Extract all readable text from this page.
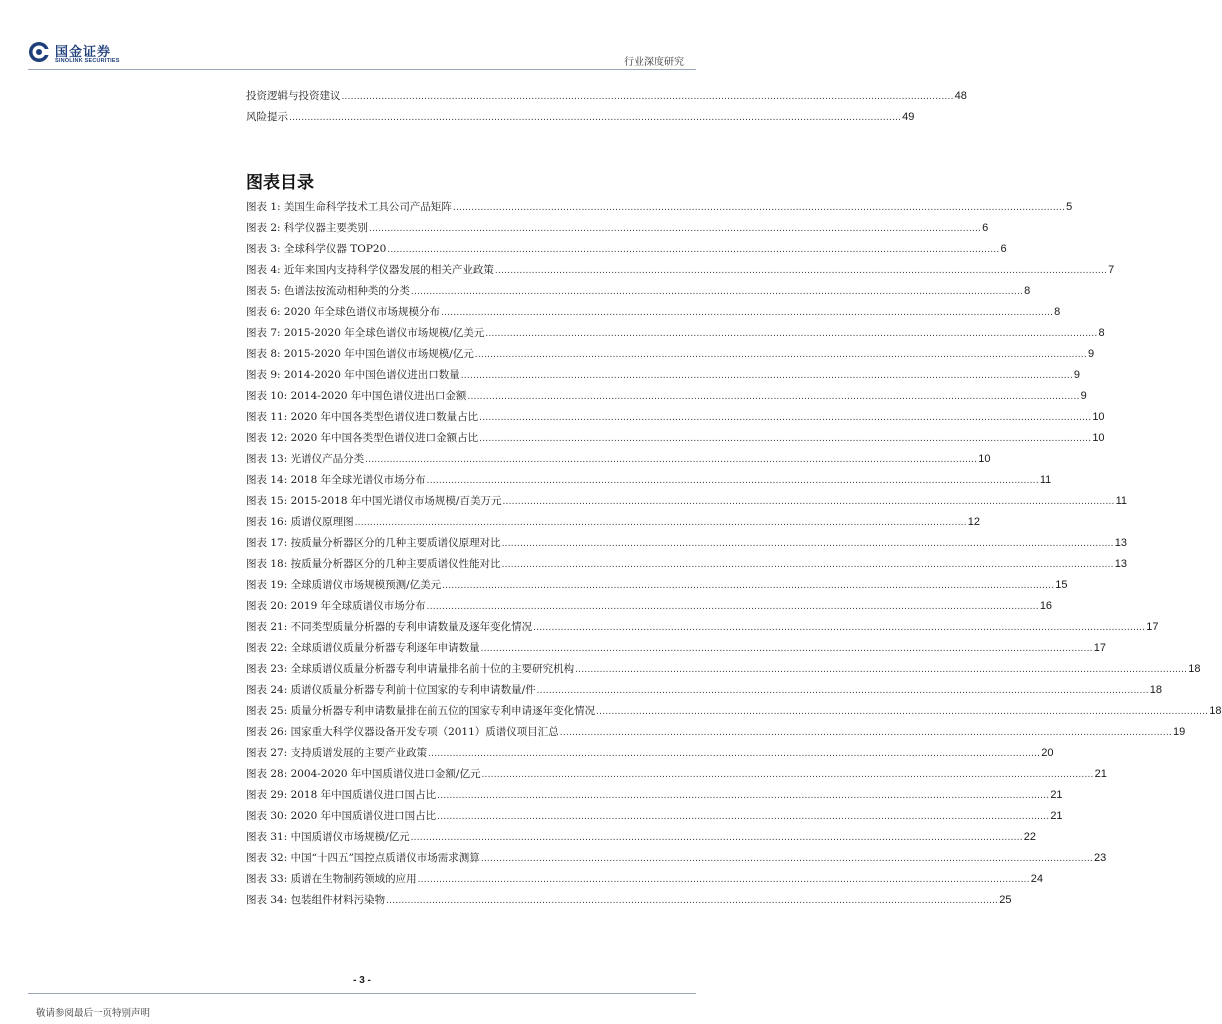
国金证券
SINOLINK SECURITIES	行业深度研究
投资逻辑与投资建议 ........................................................................................................................................................................................................ 48
风险提示 ........................................................................................................................................................................................................ 49
图表目录
图表 1: 美国生命科学技术工具公司产品矩阵 ........................................................................................................................................................................................................ 5
图表 2: 科学仪器主要类别 ........................................................................................................................................................................................................ 6
图表 3: 全球科学仪器 TOP20 ........................................................................................................................................................................................................ 6
图表 4: 近年来国内支持科学仪器发展的相关产业政策 ........................................................................................................................................................................................................ 7
图表 5: 色谱法按流动相种类的分类 ........................................................................................................................................................................................................ 8
图表 6: 2020 年全球色谱仪市场规模分布 ........................................................................................................................................................................................................ 8
图表 7: 2015-2020 年全球色谱仪市场规模/亿美元 ........................................................................................................................................................................................................ 8
图表 8: 2015-2020 年中国色谱仪市场规模/亿元 ........................................................................................................................................................................................................ 9
图表 9: 2014-2020 年中国色谱仪进出口数量 ........................................................................................................................................................................................................ 9
图表 10: 2014-2020 年中国色谱仪进出口金额 ........................................................................................................................................................................................................ 9
图表 11: 2020 年中国各类型色谱仪进口数量占比 ........................................................................................................................................................................................................ 10
图表 12: 2020 年中国各类型色谱仪进口金额占比 ........................................................................................................................................................................................................ 10
图表 13: 光谱仪产品分类 ........................................................................................................................................................................................................ 10
图表 14: 2018 年全球光谱仪市场分布 ........................................................................................................................................................................................................ 11
图表 15: 2015-2018 年中国光谱仪市场规模/百美万元 ........................................................................................................................................................................................................ 11
图表 16: 质谱仪原理图 ........................................................................................................................................................................................................ 12
图表 17: 按质量分析器区分的几种主要质谱仪原理对比 ........................................................................................................................................................................................................ 13
图表 18: 按质量分析器区分的几种主要质谱仪性能对比 ........................................................................................................................................................................................................ 13
图表 19: 全球质谱仪市场规模预测/亿美元 ........................................................................................................................................................................................................ 15
图表 20: 2019 年全球质谱仪市场分布 ........................................................................................................................................................................................................ 16
图表 21: 不同类型质量分析器的专利申请数量及逐年变化情况 ........................................................................................................................................................................................................ 17
图表 22: 全球质谱仪质量分析器专利逐年申请数量 ........................................................................................................................................................................................................ 17
图表 23: 全球质谱仪质量分析器专利申请量排名前十位的主要研究机构 ........................................................................................................................................................................................................ 18
图表 24: 质谱仪质量分析器专利前十位国家的专利申请数量/件 ........................................................................................................................................................................................................ 18
图表 25: 质量分析器专利申请数量排在前五位的国家专利申请逐年变化情况 ........................................................................................................................................................................................................ 18
图表 26: 国家重大科学仪器设备开发专项（2011）质谱仪项目汇总 ........................................................................................................................................................................................................ 19
图表 27: 支持质谱发展的主要产业政策 ........................................................................................................................................................................................................ 20
图表 28: 2004-2020 年中国质谱仪进口金额/亿元 ........................................................................................................................................................................................................ 21
图表 29: 2018 年中国质谱仪进口国占比 ........................................................................................................................................................................................................ 21
图表 30: 2020 年中国质谱仪进口国占比 ........................................................................................................................................................................................................ 21
图表 31: 中国质谱仪市场规模/亿元 ........................................................................................................................................................................................................ 22
图表 32: 中国“十四五”国控点质谱仪市场需求测算 ........................................................................................................................................................................................................ 23
图表 33: 质谱在生物制药领域的应用 ........................................................................................................................................................................................................ 24
图表 34: 包装组件材料污染物 ........................................................................................................................................................................................................ 25
- 3 -
敬请参阅最后一页特别声明
